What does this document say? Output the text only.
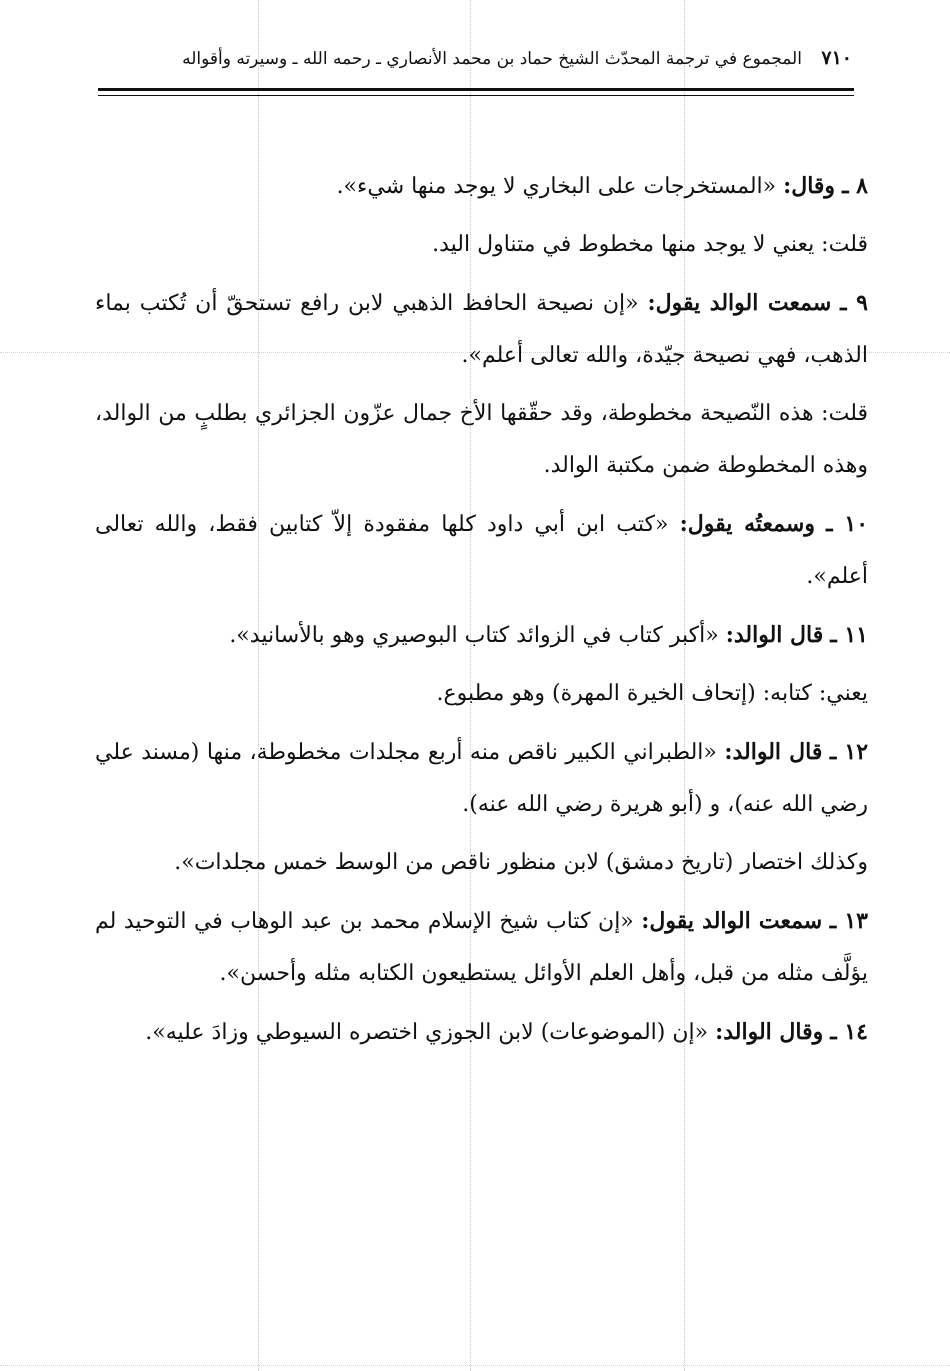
٧١٠ المجموع في ترجمة المحدّث الشيخ حماد بن محمد الأنصاري ـ رحمه الله ـ وسيرته وأقواله

٨ ـ وقال: «المستخرجات على البخاري لا يوجد منها شيء».

قلت: يعني لا يوجد منها مخطوط في متناول اليد.

٩ ـ سمعت الوالد يقول: «إن نصيحة الحافظ الذهبي لابن رافع تستحقّ أن تُكتب بماء الذهب، فهي نصيحة جيّدة، والله تعالى أعلم».

قلت: هذه النّصيحة مخطوطة، وقد حقّقها الأخ جمال عزّون الجزائري بطلبٍ من الوالد، وهذه المخطوطة ضمن مكتبة الوالد.

١٠ ـ وسمعتُه يقول: «كتب ابن أبي داود كلها مفقودة إلاّ كتابين فقط، والله تعالى أعلم».

١١ ـ قال الوالد: «أكبر كتاب في الزوائد كتاب البوصيري وهو بالأسانيد».

يعني: كتابه: (إتحاف الخيرة المهرة) وهو مطبوع.

١٢ ـ قال الوالد: «الطبراني الكبير ناقص منه أربع مجلدات مخطوطة، منها (مسند علي رضي الله عنه)، و (أبو هريرة رضي الله عنه).

وكذلك اختصار (تاريخ دمشق) لابن منظور ناقص من الوسط خمس مجلدات».

١٣ ـ سمعت الوالد يقول: «إن كتاب شيخ الإسلام محمد بن عبد الوهاب في التوحيد لم يؤلَّف مثله من قبل، وأهل العلم الأوائل يستطيعون الكتابه مثله وأحسن».

١٤ ـ وقال الوالد: «إن (الموضوعات) لابن الجوزي اختصره السيوطي وزادَ عليه».
